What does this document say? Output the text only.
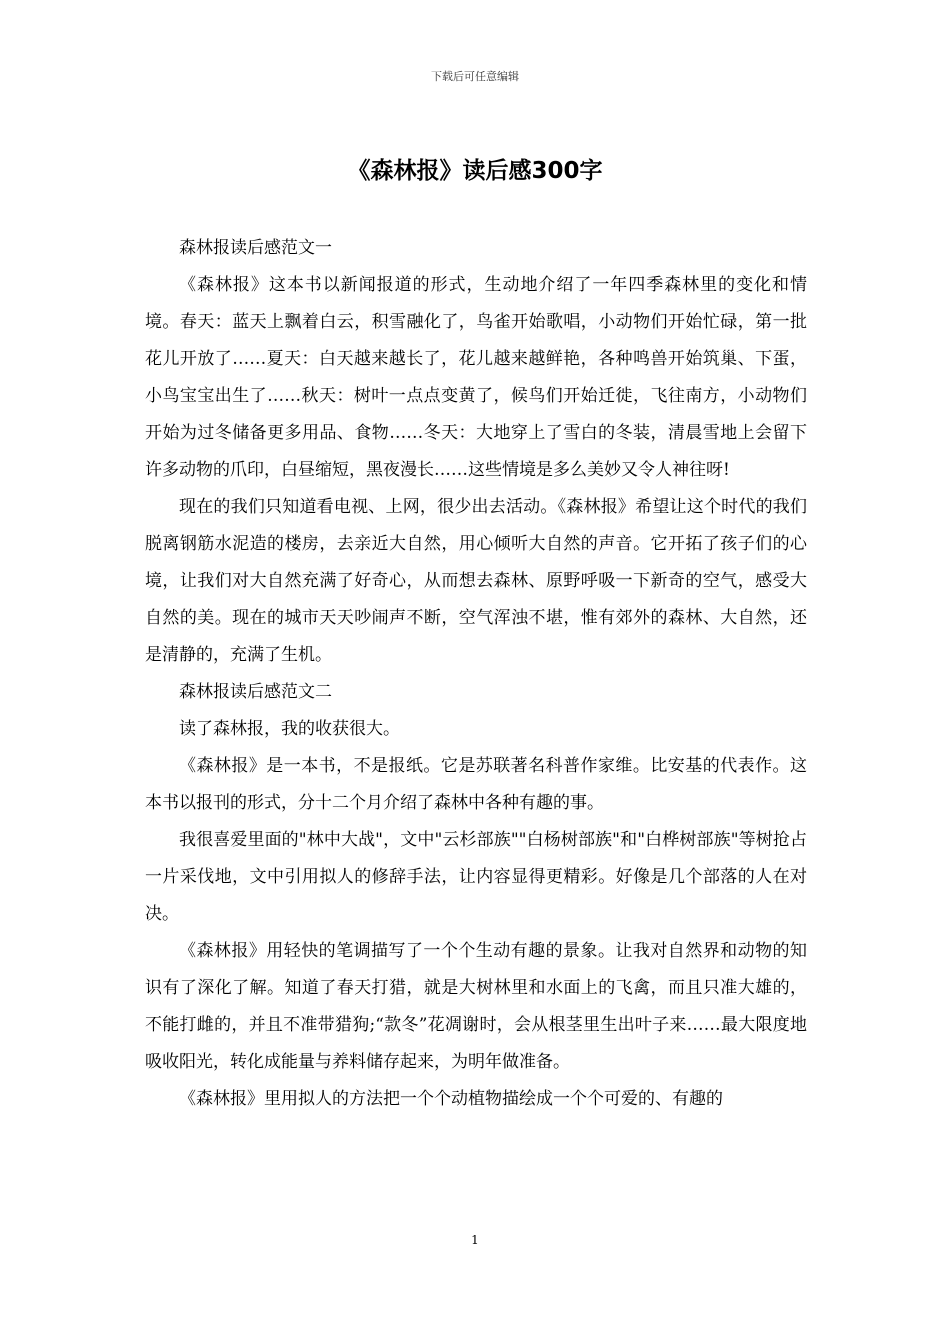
下载后可任意编辑
《森林报》读后感300字

森林报读后感范文一

《森林报》这本书以新闻报道的形式，生动地介绍了一年四季森林里的变化和情境。春天：蓝天上飘着白云，积雪融化了，鸟雀开始歌唱，小动物们开始忙碌，第一批花儿开放了……夏天：白天越来越长了，花儿越来越鲜艳，各种鸣兽开始筑巢、下蛋，小鸟宝宝出生了……秋天：树叶一点点变黄了，候鸟们开始迁徙，飞往南方，小动物们开始为过冬储备更多用品、食物……冬天：大地穿上了雪白的冬装，清晨雪地上会留下许多动物的爪印，白昼缩短，黑夜漫长……这些情境是多么美妙又令人神往呀!

现在的我们只知道看电视、上网，很少出去活动。《森林报》希望让这个时代的我们脱离钢筋水泥造的楼房，去亲近大自然，用心倾听大自然的声音。它开拓了孩子们的心境，让我们对大自然充满了好奇心，从而想去森林、原野呼吸一下新奇的空气，感受大自然的美。现在的城市天天吵闹声不断，空气浑浊不堪，惟有郊外的森林、大自然，还是清静的，充满了生机。

森林报读后感范文二

读了森林报，我的收获很大。

《森林报》是一本书，不是报纸。它是苏联著名科普作家维。比安基的代表作。这本书以报刊的形式，分十二个月介绍了森林中各种有趣的事。

我很喜爱里面的"林中大战"，文中"云杉部族""白杨树部族"和"白桦树部族"等树抢占一片采伐地，文中引用拟人的修辞手法，让内容显得更精彩。好像是几个部落的人在对决。

《森林报》用轻快的笔调描写了一个个生动有趣的景象。让我对自然界和动物的知识有了深化了解。知道了春天打猎，就是大树林里和水面上的飞禽，而且只准大雄的，不能打雌的，并且不准带猎狗;“款冬”花凋谢时，会从根茎里生出叶子来……最大限度地吸收阳光，转化成能量与养料储存起来，为明年做准备。

《森林报》里用拟人的方法把一个个动植物描绘成一个个可爱的、有趣的

1
